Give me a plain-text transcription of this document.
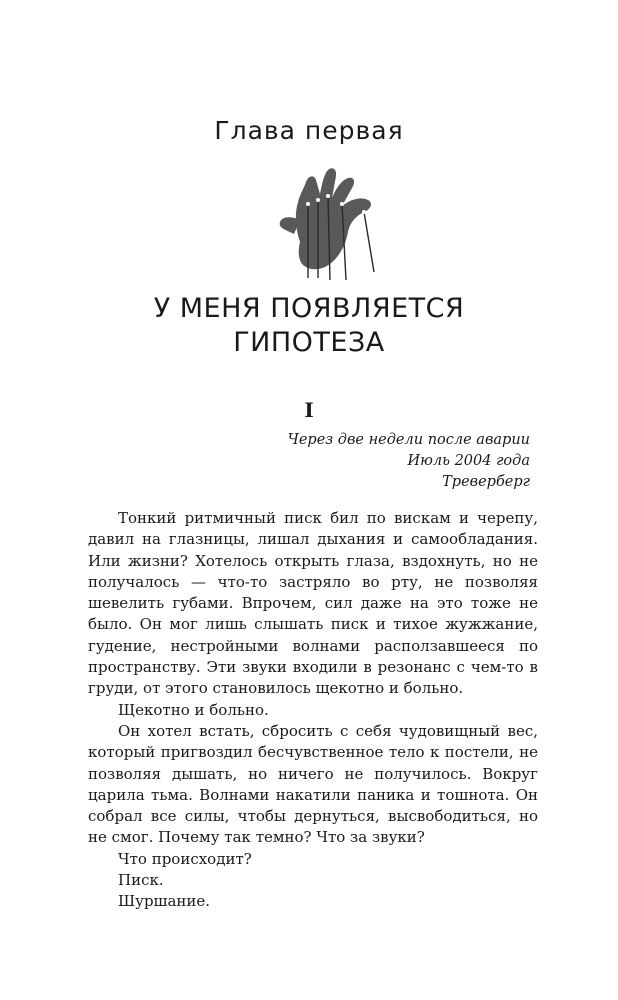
Глава первая
У МЕНЯ ПОЯВЛЯЕТСЯ
ГИПОТЕЗА
I
Через две недели после аварии
Июль 2004 года
Треверберг

Тонкий ритмичный писк бил по вискам и черепу, давил на глазницы, лишал дыхания и самообладания. Или жизни? Хотелось открыть глаза, вздохнуть, но не получалось — что-то застряло во рту, не позволяя шевелить губами. Впрочем, сил даже на это тоже не было. Он мог лишь слышать писк и тихое жужжание, гудение, нестройными волнами расползавшееся по пространству. Эти звуки входили в резонанс с чем-то в груди, от этого становилось щекотно и больно.

Щекотно и больно.

Он хотел встать, сбросить с себя чудовищный вес, который пригвоздил бесчувственное тело к постели, не позволяя дышать, но ничего не получилось. Вокруг царила тьма. Волнами накатили паника и тошнота. Он собрал все силы, чтобы дернуться, высвободиться, но не смог. Почему так темно? Что за звуки?

Что происходит?

Писк.

Шуршание.
